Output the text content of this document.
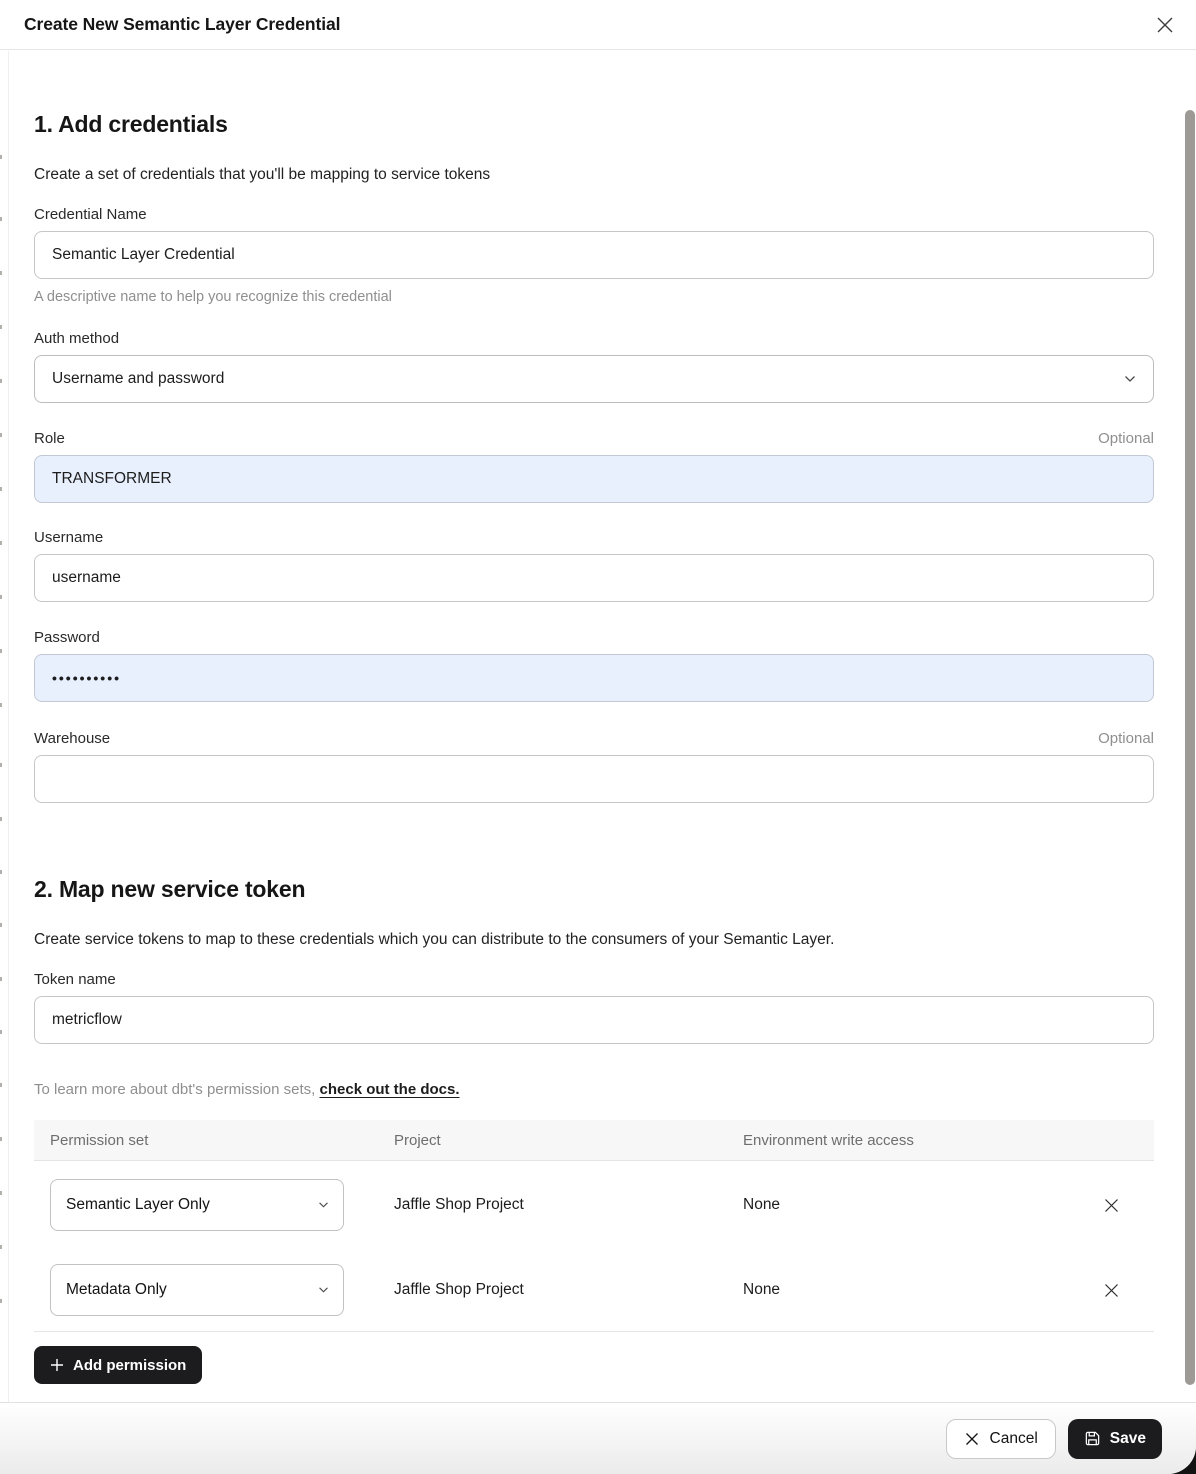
Create New Semantic Layer Credential
1. Add credentials

Create a set of credentials that you'll be mapping to service tokens

Credential Name
Semantic Layer Credential
A descriptive name to help you recognize this credential
Auth method
Username and password
Role	Optional
TRANSFORMER
Username
username
Password
••••••••••
Warehouse	Optional
2. Map new service token

Create service tokens to map to these credentials which you can distribute to the consumers of your Semantic Layer.

Token name
metricflow
To learn more about dbt's permission sets, check out the docs.
Permission set	Project	Environment write access
Semantic Layer Only	Jaffle Shop Project	None
Metadata Only	Jaffle Shop Project	None
Add permission
Cancel	Save
